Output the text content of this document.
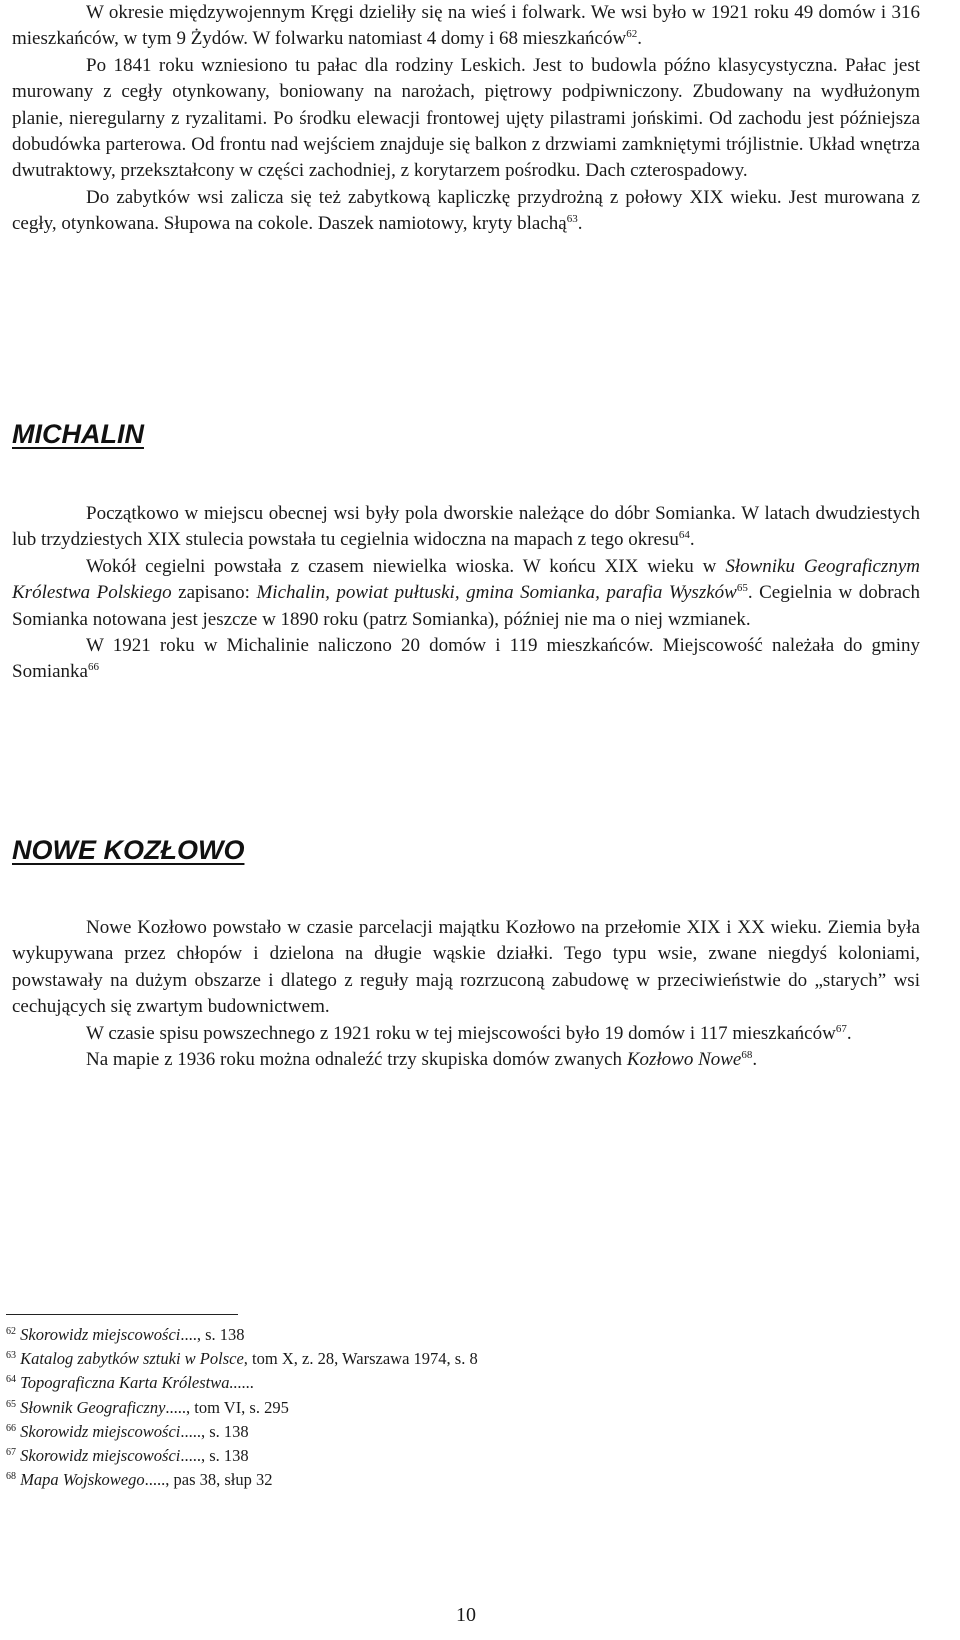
W okresie międzywojennym Kręgi dzieliły się na wieś i folwark. We wsi było w 1921 roku 49 domów i 316 mieszkańców, w tym 9 Żydów. W folwarku natomiast 4 domy i 68 mieszkańców$^{62}$.

Po 1841 roku wzniesiono tu pałac dla rodziny Leskich. Jest to budowla późno klasycystyczna. Pałac jest murowany z cegły otynkowany, boniowany na narożach, piętrowy podpiwniczony. Zbudowany na wydłużonym planie, nieregularny z ryzalitami. Po środku elewacji frontowej ujęty pilastrami jońskimi. Od zachodu jest późniejsza dobudówka parterowa. Od frontu nad wejściem znajduje się balkon z drzwiami zamkniętymi trójlistnie. Układ wnętrza dwutraktowy, przekształcony w części zachodniej, z korytarzem pośrodku. Dach czterospadowy.

Do zabytków wsi zalicza się też zabytkową kapliczkę przydrożną z połowy XIX wieku. Jest murowana z cegły, otynkowana. Słupowa na cokole. Daszek namiotowy, kryty blachą$^{63}$.

MICHALIN

Początkowo w miejscu obecnej wsi były pola dworskie należące do dóbr Somianka. W latach dwudziestych lub trzydziestych XIX stulecia powstała tu cegielnia widoczna na mapach z tego okresu$^{64}$.

Wokół cegielni powstała z czasem niewielka wioska. W końcu XIX wieku w Słowniku Geograficznym Królestwa Polskiego zapisano: Michalin, powiat pułtuski, gmina Somianka, parafia Wyszków$^{65}$. Cegielnia w dobrach Somianka notowana jest jeszcze w 1890 roku (patrz Somianka), później nie ma o niej wzmianek.

W 1921 roku w Michalinie naliczono 20 domów i 119 mieszkańców. Miejscowość należała do gminy Somianka$^{66}$

NOWE KOZŁOWO

Nowe Kozłowo powstało w czasie parcelacji majątku Kozłowo na przełomie XIX i XX wieku. Ziemia była wykupywana przez chłopów i dzielona na długie wąskie działki. Tego typu wsie, zwane niegdyś koloniami, powstawały na dużym obszarze i dlatego z reguły mają rozrzuconą zabudowę w przeciwieństwie do „starych” wsi cechujących się zwartym budownictwem.

W czasie spisu powszechnego z 1921 roku w tej miejscowości było 19 domów i 117 mieszkańców$^{67}$.

Na mapie z 1936 roku można odnaleźć trzy skupiska domów zwanych Kozłowo Nowe$^{68}$.

$^{62}$ Skorowidz miejscowości...., s. 138

$^{63}$ Katalog zabytków sztuki w Polsce, tom X, z. 28, Warszawa 1974, s. 8

$^{64}$ Topograficzna Karta Królestwa......

$^{65}$ Słownik Geograficzny....., tom VI, s. 295

$^{66}$ Skorowidz miejscowości....., s. 138

$^{67}$ Skorowidz miejscowości....., s. 138

$^{68}$ Mapa Wojskowego....., pas 38, słup 32

10
